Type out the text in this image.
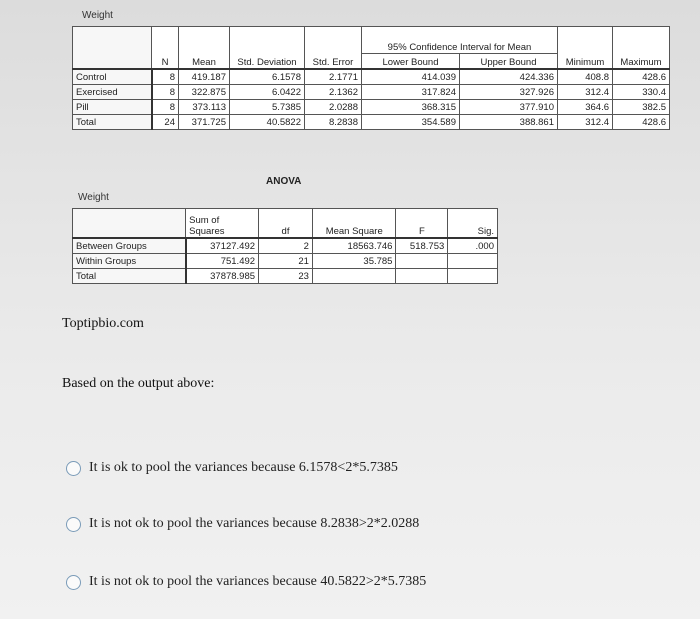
Weight
	N	Mean	Std. Deviation	Std. Error	95% Confidence Interval for Mean		Minimum	Maximum
					Lower Bound	Upper Bound		
Control	8	419.187	6.1578	2.1771	414.039	424.336	408.8	428.6
Exercised	8	322.875	6.0422	2.1362	317.824	327.926	312.4	330.4
Pill	8	373.113	5.7385	2.0288	368.315	377.910	364.6	382.5
Total	24	371.725	40.5822	8.2838	354.589	388.861	312.4	428.6
ANOVA
Weight
	Sum of Squares	df	Mean Square	F	Sig.
Between Groups	37127.492	2	18563.746	518.753	.000
Within Groups	751.492	21	35.785		
Total	37878.985	23			
Toptipbio.com
Based on the output above:
It is ok to pool the variances because 6.1578<2*5.7385
It is not ok to pool the variances because 8.2838>2*2.0288
It is not ok to pool the variances because 40.5822>2*5.7385
